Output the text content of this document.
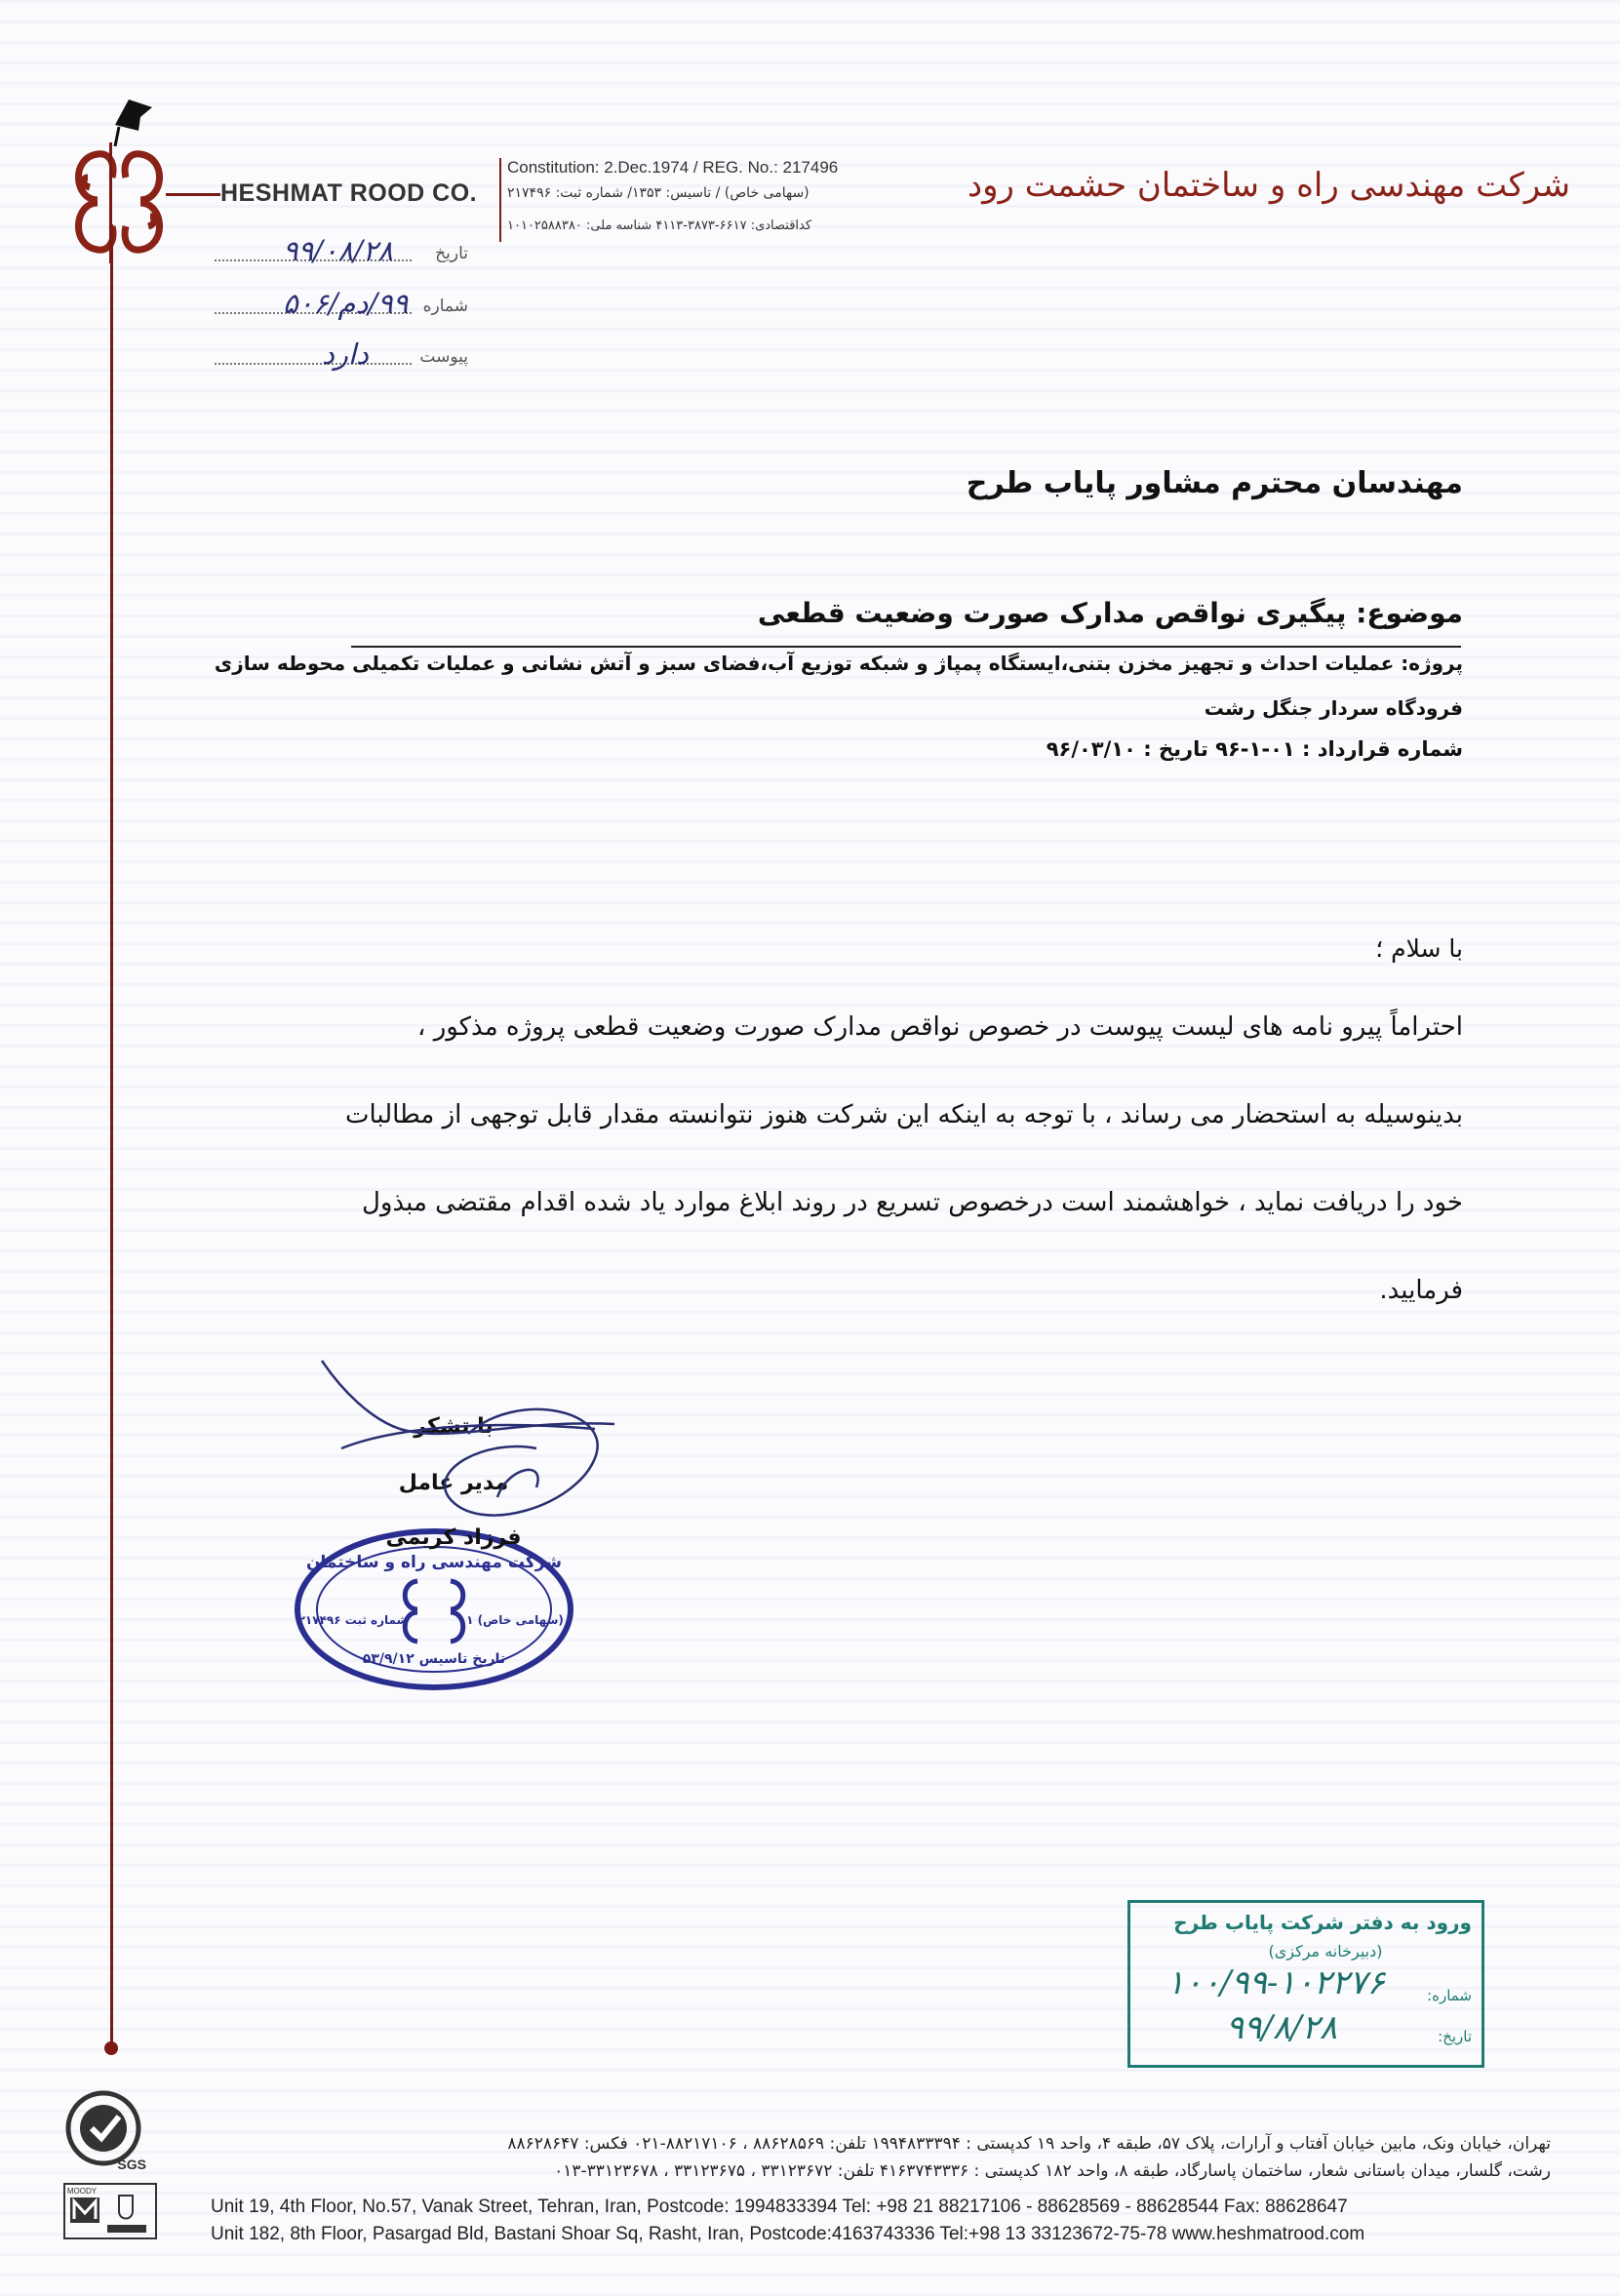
HESHMAT ROOD CO.
Constitution: 2.Dec.1974 / REG. No.: 217496
(سهامی خاص) / تاسیس: ۱۳۵۳/ شماره ثبت: ۲۱۷۴۹۶
کداقتصادی: ۶۶۱۷-۳۸۷۳-۴۱۱۳ شناسه ملی: ۱۰۱۰۲۵۸۸۳۸۰
شرکت مهندسی راه و ساختمان حشمت رود
تاریخ
۹۹/۰۸/۲۸
شماره
۹۹/دم/۵۰۶
پیوست
دارد
مهندسان محترم مشاور پایاب طرح
موضوع: پیگیری نواقص مدارک صورت وضعیت قطعی
پروژه: عملیات احداث و تجهیز مخزن بتنی،ایستگاه پمپاژ و شبکه توزیع آب،فضای سبز و آتش نشانی و عملیات تکمیلی محوطه سازی
فرودگاه سردار جنگل رشت
شماره قرارداد : ۰۱-۱-۹۶ تاریخ : ۹۶/۰۳/۱۰
با سلام ؛
احتراماً پیرو نامه های لیست پیوست در خصوص نواقص مدارک صورت وضعیت قطعی پروژه مذکور ،
بدینوسیله به استحضار می رساند ، با توجه به اینکه این شرکت هنوز نتوانسته مقدار قابل توجهی از مطالبات
خود را دریافت نماید ، خواهشمند است درخصوص تسریع در روند ابلاغ موارد یاد شده اقدام مقتضی مبذول
فرمایید.
شرکت مهندسی راه و ساختمان
شماره ثبت ۲۱۷۴۹۶	(سهامی خاص) ۱
تاریخ تاسیس ۵۳/۹/۱۲
با تشکر
مدیر عامل
فرزاد کریمی
ورود به دفتر شرکت پایاب طرح
(دبیرخانه مرکزی)
شماره:
تاریخ:
۱۰۰/۹۹-۱۰۲۲۷۶
۹۹/۸/۲۸
SGS
MOODY
تهران، خیابان ونک، مابین خیابان آفتاب و آرارات، پلاک ۵۷، طبقه ۴، واحد ۱۹ کدپستی : ۱۹۹۴۸۳۳۳۹۴ تلفن: ۸۸۶۲۸۵۶۹ ، ۸۸۲۱۷۱۰۶-۰۲۱ فکس: ۸۸۶۲۸۶۴۷
رشت، گلسار، میدان باستانی شعار، ساختمان پاسارگاد، طبقه ۸، واحد ۱۸۲ کدپستی : ۴۱۶۳۷۴۳۳۳۶ تلفن: ۳۳۱۲۳۶۷۲ ، ۳۳۱۲۳۶۷۵ ، ۳۳۱۲۳۶۷۸-۰۱۳
Unit 19, 4th Floor, No.57, Vanak Street, Tehran, Iran, Postcode: 1994833394 Tel: +98 21 88217106 - 88628569 - 88628544 Fax: 88628647
Unit 182, 8th Floor, Pasargad Bld, Bastani Shoar Sq, Rasht, Iran, Postcode:4163743336 Tel:+98 13 33123672-75-78 www.heshmatrood.com
